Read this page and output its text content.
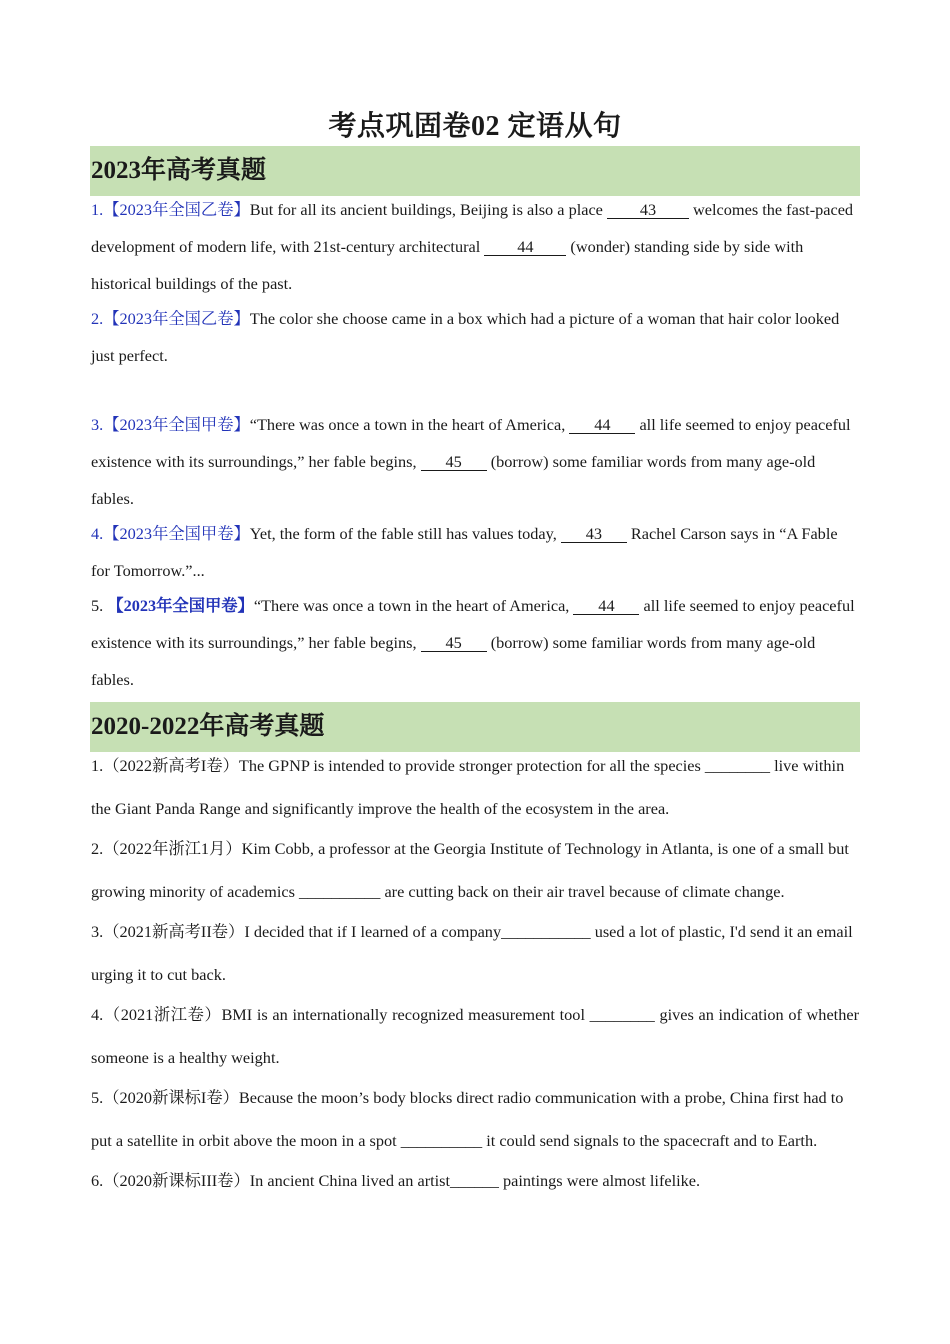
考点巩固卷02 定语从句
2023年高考真题

1.【2023年全国乙卷】But for all its ancient buildings, Beijing is also a place 43 welcomes the fast-paced development of modern life, with 21st-century architectural 44 (wonder) standing side by side with historical buildings of the past.

2.【2023年全国乙卷】The color she choose came in a box which had a picture of a woman that hair color looked just perfect.

3.【2023年全国甲卷】“There was once a town in the heart of America, 44 all life seemed to enjoy peaceful existence with its surroundings,” her fable begins, 45 (borrow) some familiar words from many age-old fables.

4.【2023年全国甲卷】Yet, the form of the fable still has values today, 43 Rachel Carson says in “A Fable for Tomorrow.”...

5. 【2023年全国甲卷】“There was once a town in the heart of America, 44 all life seemed to enjoy peaceful existence with its surroundings,” her fable begins, 45 (borrow) some familiar words from many age-old fables.

2020-2022年高考真题

1.（2022新高考I卷）The GPNP is intended to provide stronger protection for all the species ________ live within the Giant Panda Range and significantly improve the health of the ecosystem in the area.

2.（2022年浙江1月）Kim Cobb, a professor at the Georgia Institute of Technology in Atlanta, is one of a small but growing minority of academics __________ are cutting back on their air travel because of climate change.

3.（2021新高考II卷）I decided that if I learned of a company___________ used a lot of plastic, I'd send it an email urging it to cut back.

4.（2021浙江卷）BMI is an internationally recognized measurement tool ________ gives an indication of whether someone is a healthy weight.

5.（2020新课标I卷）Because the moon’s body blocks direct radio communication with a probe, China first had to put a satellite in orbit above the moon in a spot __________ it could send signals to the spacecraft and to Earth.

6.（2020新课标III卷）In ancient China lived an artist______ paintings were almost lifelike.
